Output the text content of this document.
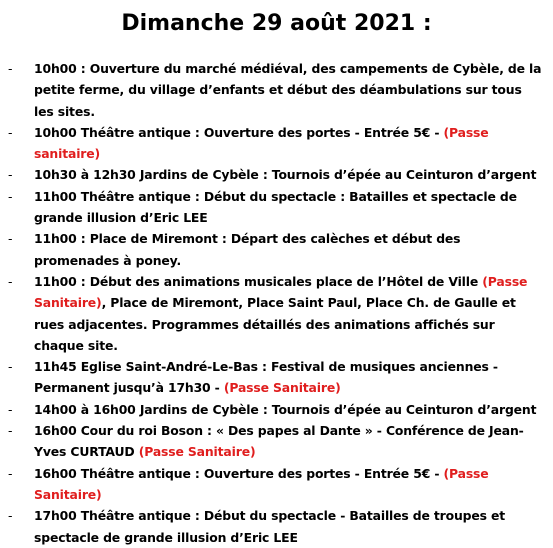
Dimanche 29 août 2021 :
- 10h00 : Ouverture du marché médiéval, des campements de Cybèle, de la petite ferme, du village d’enfants et début des déambulations sur tous les sites.
- 10h00 Théâtre antique : Ouverture des portes - Entrée 5€ - (Passe sanitaire)
- 10h30 à 12h30 Jardins de Cybèle : Tournois d’épée au Ceinturon d’argent
- 11h00 Théâtre antique : Début du spectacle : Batailles et spectacle de grande illusion d’Eric LEE
- 11h00 : Place de Miremont : Départ des calèches et début des promenades à poney.
- 11h00 : Début des animations musicales place de l’Hôtel de Ville (Passe Sanitaire), Place de Miremont, Place Saint Paul, Place Ch. de Gaulle et rues adjacentes. Programmes détaillés des animations affichés sur chaque site.
- 11h45 Eglise Saint-André-Le-Bas : Festival de musiques anciennes - Permanent jusqu’à 17h30 - (Passe Sanitaire)
- 14h00 à 16h00 Jardins de Cybèle : Tournois d’épée au Ceinturon d’argent
- 16h00 Cour du roi Boson : « Des papes al Dante » - Conférence de Jean-Yves CURTAUD (Passe Sanitaire)
- 16h00 Théâtre antique : Ouverture des portes - Entrée 5€ - (Passe Sanitaire)
- 17h00 Théâtre antique : Début du spectacle - Batailles de troupes et spectacle de grande illusion d’Eric LEE
